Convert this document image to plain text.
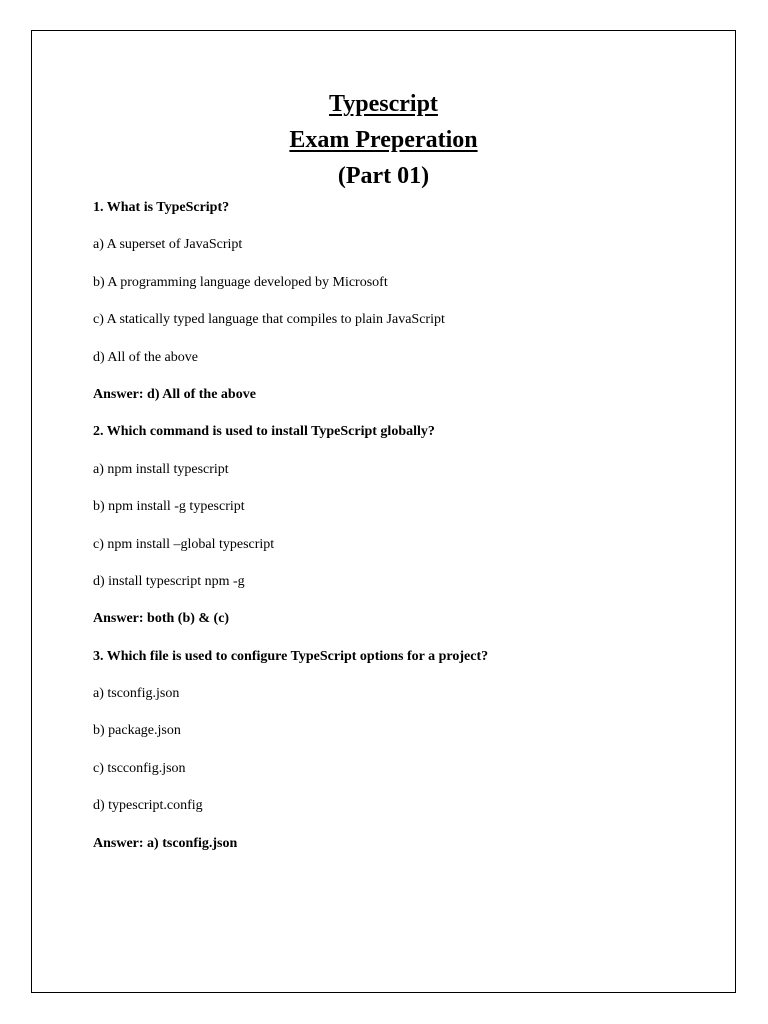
Typescript
Exam Preperation
(Part 01)
1. What is TypeScript?
a) A superset of JavaScript
b) A programming language developed by Microsoft
c) A statically typed language that compiles to plain JavaScript
d) All of the above
Answer: d) All of the above
2. Which command is used to install TypeScript globally?
a) npm install typescript
b) npm install -g typescript
c) npm install –global typescript
d) install typescript npm -g
Answer: both (b) & (c)
3. Which file is used to configure TypeScript options for a project?
a) tsconfig.json
b) package.json
c) tscconfig.json
d) typescript.config
Answer: a) tsconfig.json
